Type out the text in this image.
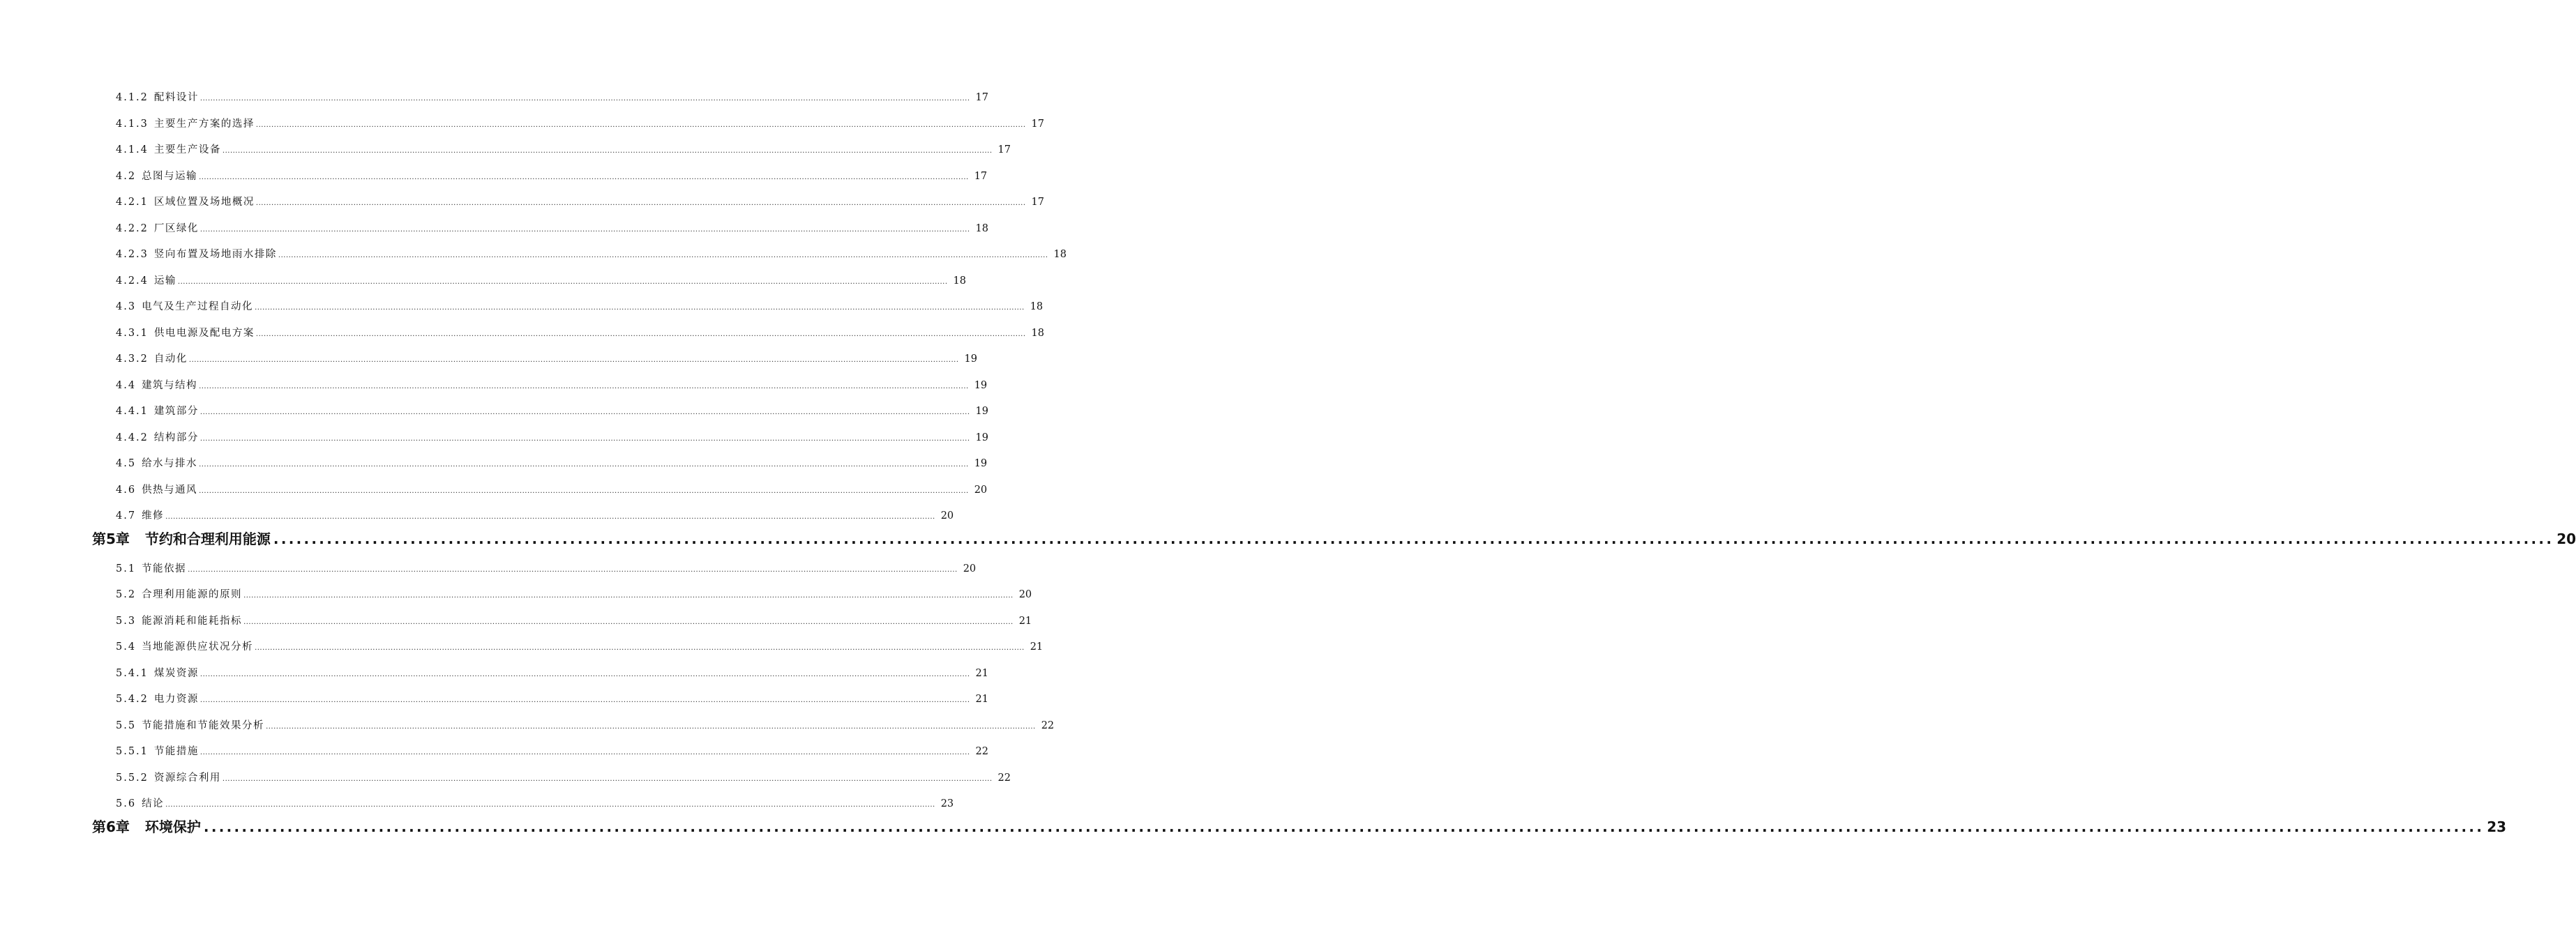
4.1.2 配料设计 ............................................................................................................................................................................................................................................................................................................ 17
4.1.3 主要生产方案的选择 ............................................................................................................................................................................................................................................................................................................ 17
4.1.4 主要生产设备 ............................................................................................................................................................................................................................................................................................................ 17
4.2 总图与运输 ............................................................................................................................................................................................................................................................................................................ 17
4.2.1 区域位置及场地概况 ............................................................................................................................................................................................................................................................................................................ 17
4.2.2 厂区绿化 ............................................................................................................................................................................................................................................................................................................ 18
4.2.3 竖向布置及场地雨水排除 ............................................................................................................................................................................................................................................................................................................ 18
4.2.4 运输 ............................................................................................................................................................................................................................................................................................................ 18
4.3 电气及生产过程自动化 ............................................................................................................................................................................................................................................................................................................ 18
4.3.1 供电电源及配电方案 ............................................................................................................................................................................................................................................................................................................ 18
4.3.2 自动化 ............................................................................................................................................................................................................................................................................................................ 19
4.4 建筑与结构 ............................................................................................................................................................................................................................................................................................................ 19
4.4.1 建筑部分 ............................................................................................................................................................................................................................................................................................................ 19
4.4.2 结构部分 ............................................................................................................................................................................................................................................................................................................ 19
4.5 给水与排水 ............................................................................................................................................................................................................................................................................................................ 19
4.6 供热与通风 ............................................................................................................................................................................................................................................................................................................ 20
4.7 维修 ............................................................................................................................................................................................................................................................................................................ 20
第5章 节约和合理利用能源 ............................................................................................................................................................................................................................................................................................................ 20
5.1 节能依据 ............................................................................................................................................................................................................................................................................................................ 20
5.2 合理利用能源的原则 ............................................................................................................................................................................................................................................................................................................ 20
5.3 能源消耗和能耗指标 ............................................................................................................................................................................................................................................................................................................ 21
5.4 当地能源供应状况分析 ............................................................................................................................................................................................................................................................................................................ 21
5.4.1 煤炭资源 ............................................................................................................................................................................................................................................................................................................ 21
5.4.2 电力资源 ............................................................................................................................................................................................................................................................................................................ 21
5.5 节能措施和节能效果分析 ............................................................................................................................................................................................................................................................................................................ 22
5.5.1 节能措施 ............................................................................................................................................................................................................................................................................................................ 22
5.5.2 资源综合利用 ............................................................................................................................................................................................................................................................................................................ 22
5.6 结论 ............................................................................................................................................................................................................................................................................................................ 23
第6章 环境保护 ............................................................................................................................................................................................................................................................................................................ 23
